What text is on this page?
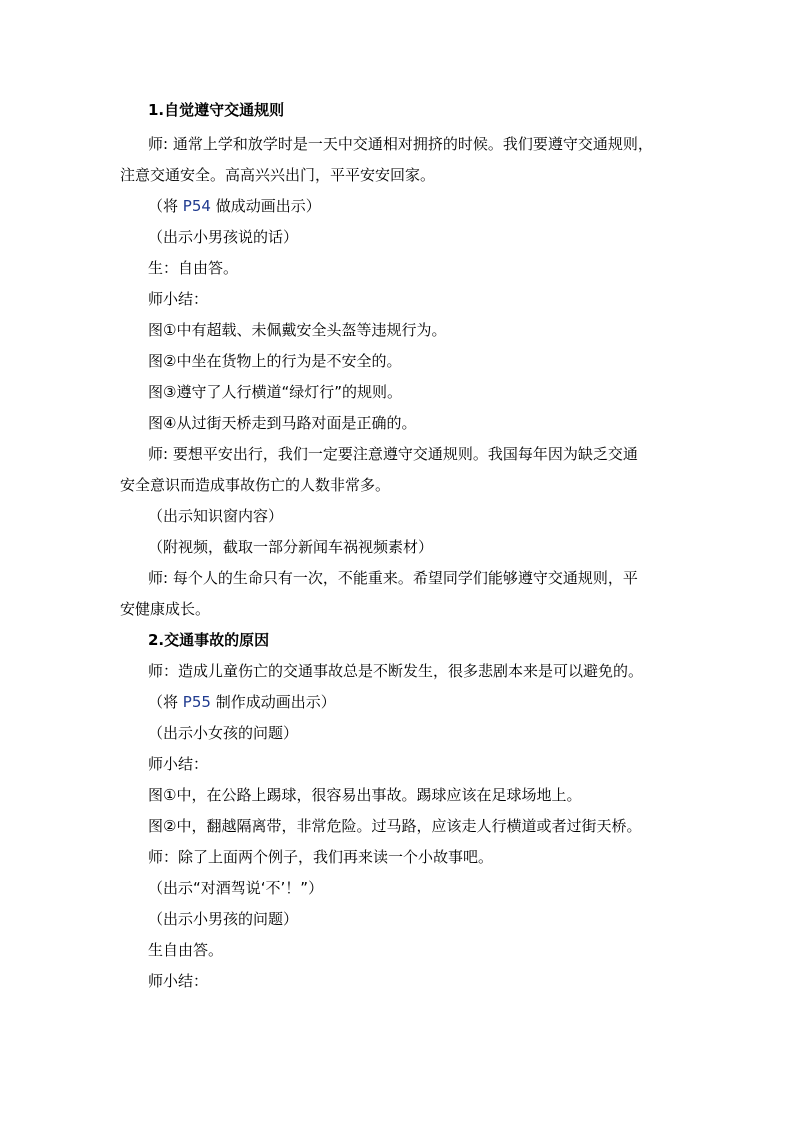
1.自觉遵守交通规则
师: 通常上学和放学时是一天中交通相对拥挤的时候。我们要遵守交通规则，
注意交通安全。高高兴兴出门，平平安安回家。
（将 P54 做成动画出示）
（出示小男孩说的话）
生：自由答。
师小结：
图①中有超载、未佩戴安全头盔等违规行为。
图②中坐在货物上的行为是不安全的。
图③遵守了人行横道“绿灯行”的规则。
图④从过街天桥走到马路对面是正确的。
师: 要想平安出行，我们一定要注意遵守交通规则。我国每年因为缺乏交通
安全意识而造成事故伤亡的人数非常多。
（出示知识窗内容）
（附视频，截取一部分新闻车祸视频素材）
师: 每个人的生命只有一次，不能重来。希望同学们能够遵守交通规则，平
安健康成长。
2.交通事故的原因
师：造成儿童伤亡的交通事故总是不断发生，很多悲剧本来是可以避免的。
（将 P55 制作成动画出示）
（出示小女孩的问题）
师小结：
图①中，在公路上踢球，很容易出事故。踢球应该在足球场地上。
图②中，翻越隔离带，非常危险。过马路，应该走人行横道或者过街天桥。
师：除了上面两个例子，我们再来读一个小故事吧。
（出示“对酒驾说‘不’！”）
（出示小男孩的问题）
生自由答。
师小结：
